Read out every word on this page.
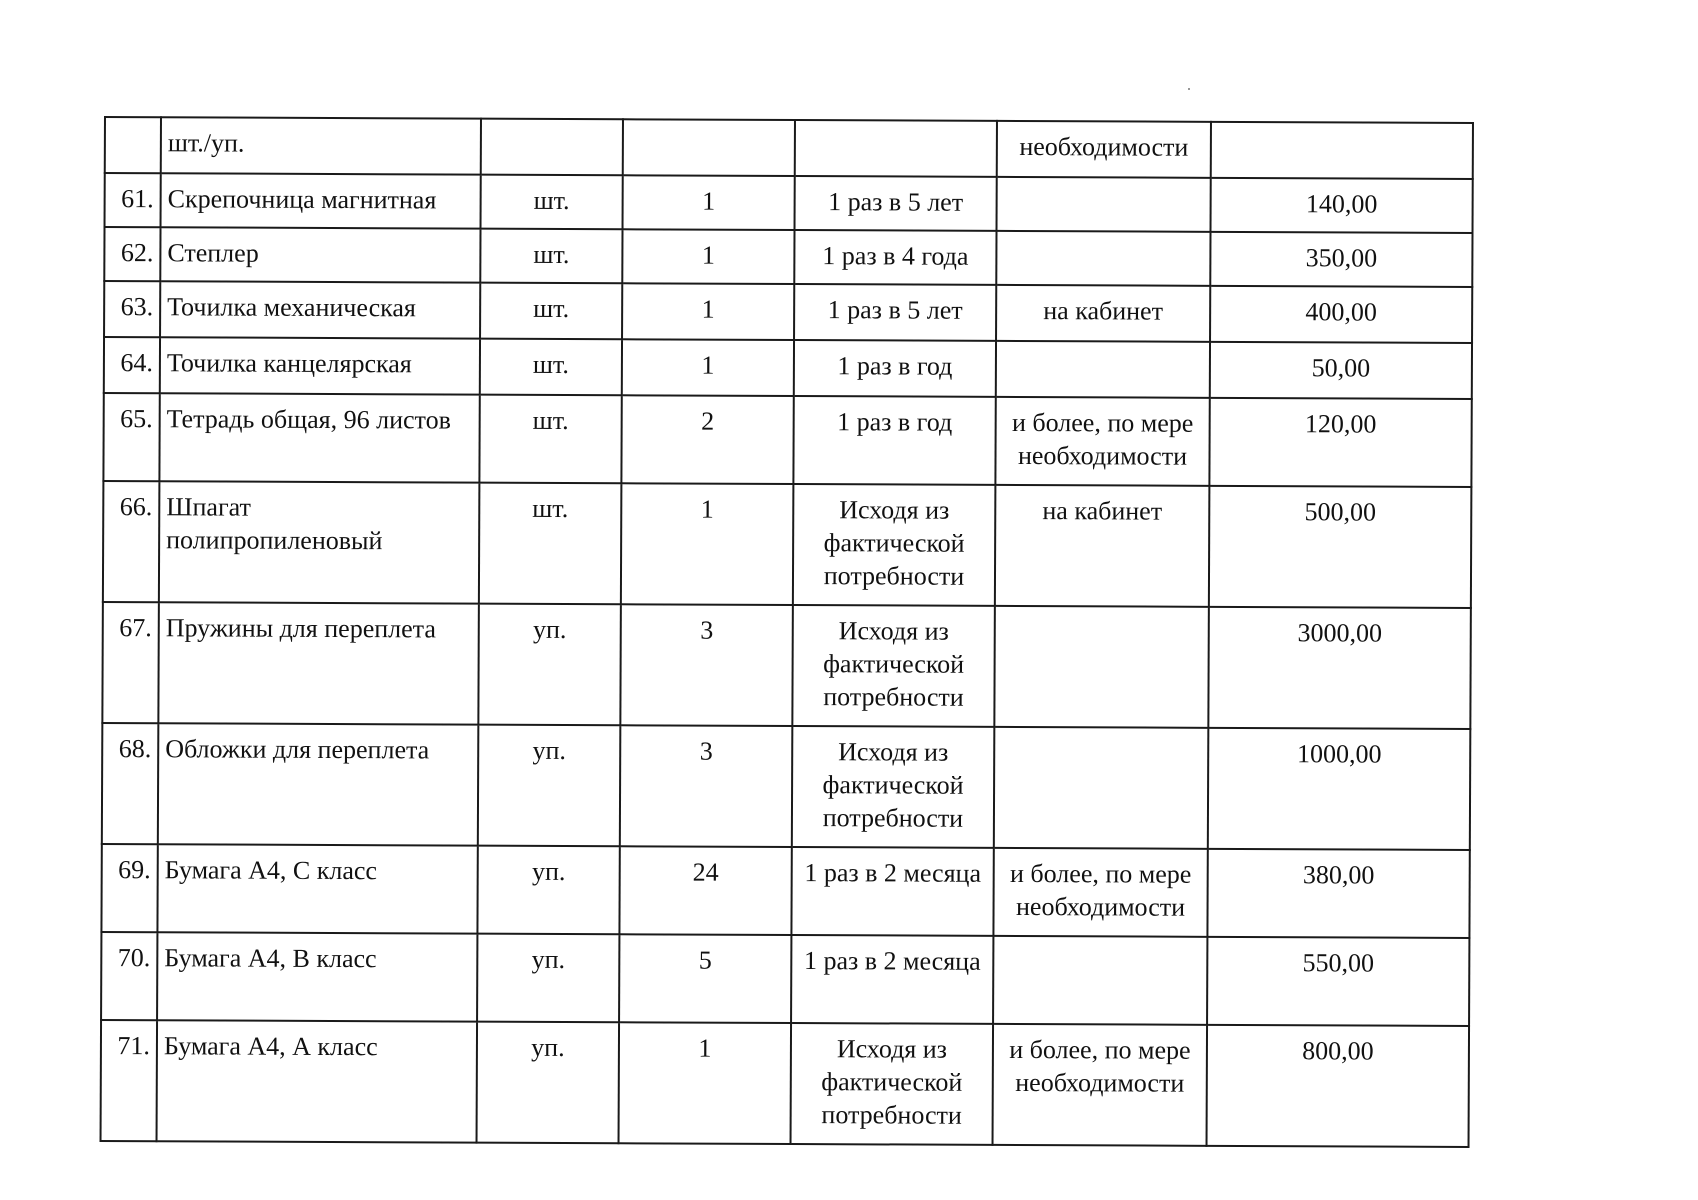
	шт./уп.				необходимости	
61.	Скрепочница магнитная	шт.	1	1 раз в 5 лет		140,00
62.	Степлер	шт.	1	1 раз в 4 года		350,00
63.	Точилка механическая	шт.	1	1 раз в 5 лет	на кабинет	400,00
64.	Точилка канцелярская	шт.	1	1 раз в год		50,00
65.	Тетрадь общая, 96 листов	шт.	2	1 раз в год	и более, по мере необходимости	120,00
66.	Шпагат полипропиленовый	шт.	1	Исходя из фактической потребности	на кабинет	500,00
67.	Пружины для переплета	уп.	3	Исходя из фактической потребности		3000,00
68.	Обложки для переплета	уп.	3	Исходя из фактической потребности		1000,00
69.	Бумага А4, С класс	уп.	24	1 раз в 2 месяца	и более, по мере необходимости	380,00
70.	Бумага А4, В класс	уп.	5	1 раз в 2 месяца		550,00
71.	Бумага А4, А класс	уп.	1	Исходя из фактической потребности	и более, по мере необходимости	800,00
